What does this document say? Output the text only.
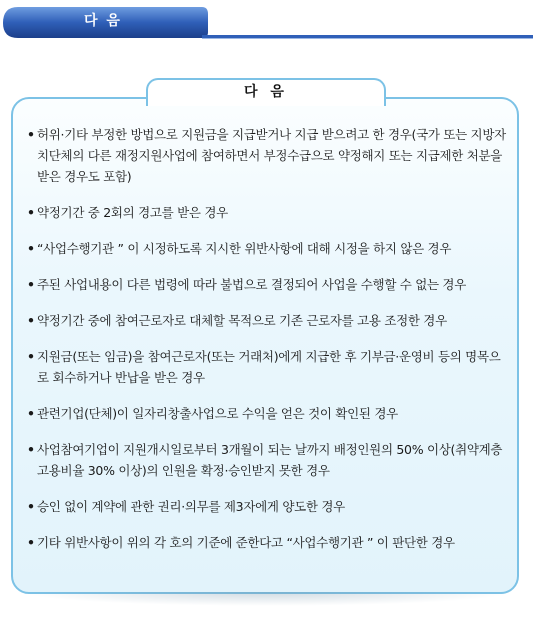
다 음
다 음
• 허위·기타 부정한 방법으로 지원금을 지급받거나 지급 받으려고 한 경우(국가 또는 지방자치단체의 다른 재정지원사업에 참여하면서 부정수급으로 약정해지 또는 지급제한 처분을 받은 경우도 포함)
• 약정기간 중 2회의 경고를 받은 경우
• “사업수행기관 ” 이 시정하도록 지시한 위반사항에 대해 시정을 하지 않은 경우
• 주된 사업내용이 다른 법령에 따라 불법으로 결정되어 사업을 수행할 수 없는 경우
• 약정기간 중에 참여근로자로 대체할 목적으로 기존 근로자를 고용 조정한 경우
• 지원금(또는 임금)을 참여근로자(또는 거래처)에게 지급한 후 기부금·운영비 등의 명목으로 회수하거나 반납을 받은 경우
• 관련기업(단체)이 일자리창출사업으로 수익을 얻은 것이 확인된 경우
• 사업참여기업이 지원개시일로부터 3개월이 되는 날까지 배정인원의 50% 이상(취약계층 고용비율 30% 이상)의 인원을 확정·승인받지 못한 경우
• 승인 없이 계약에 관한 권리·의무를 제3자에게 양도한 경우
• 기타 위반사항이 위의 각 호의 기준에 준한다고 “사업수행기관 ” 이 판단한 경우
